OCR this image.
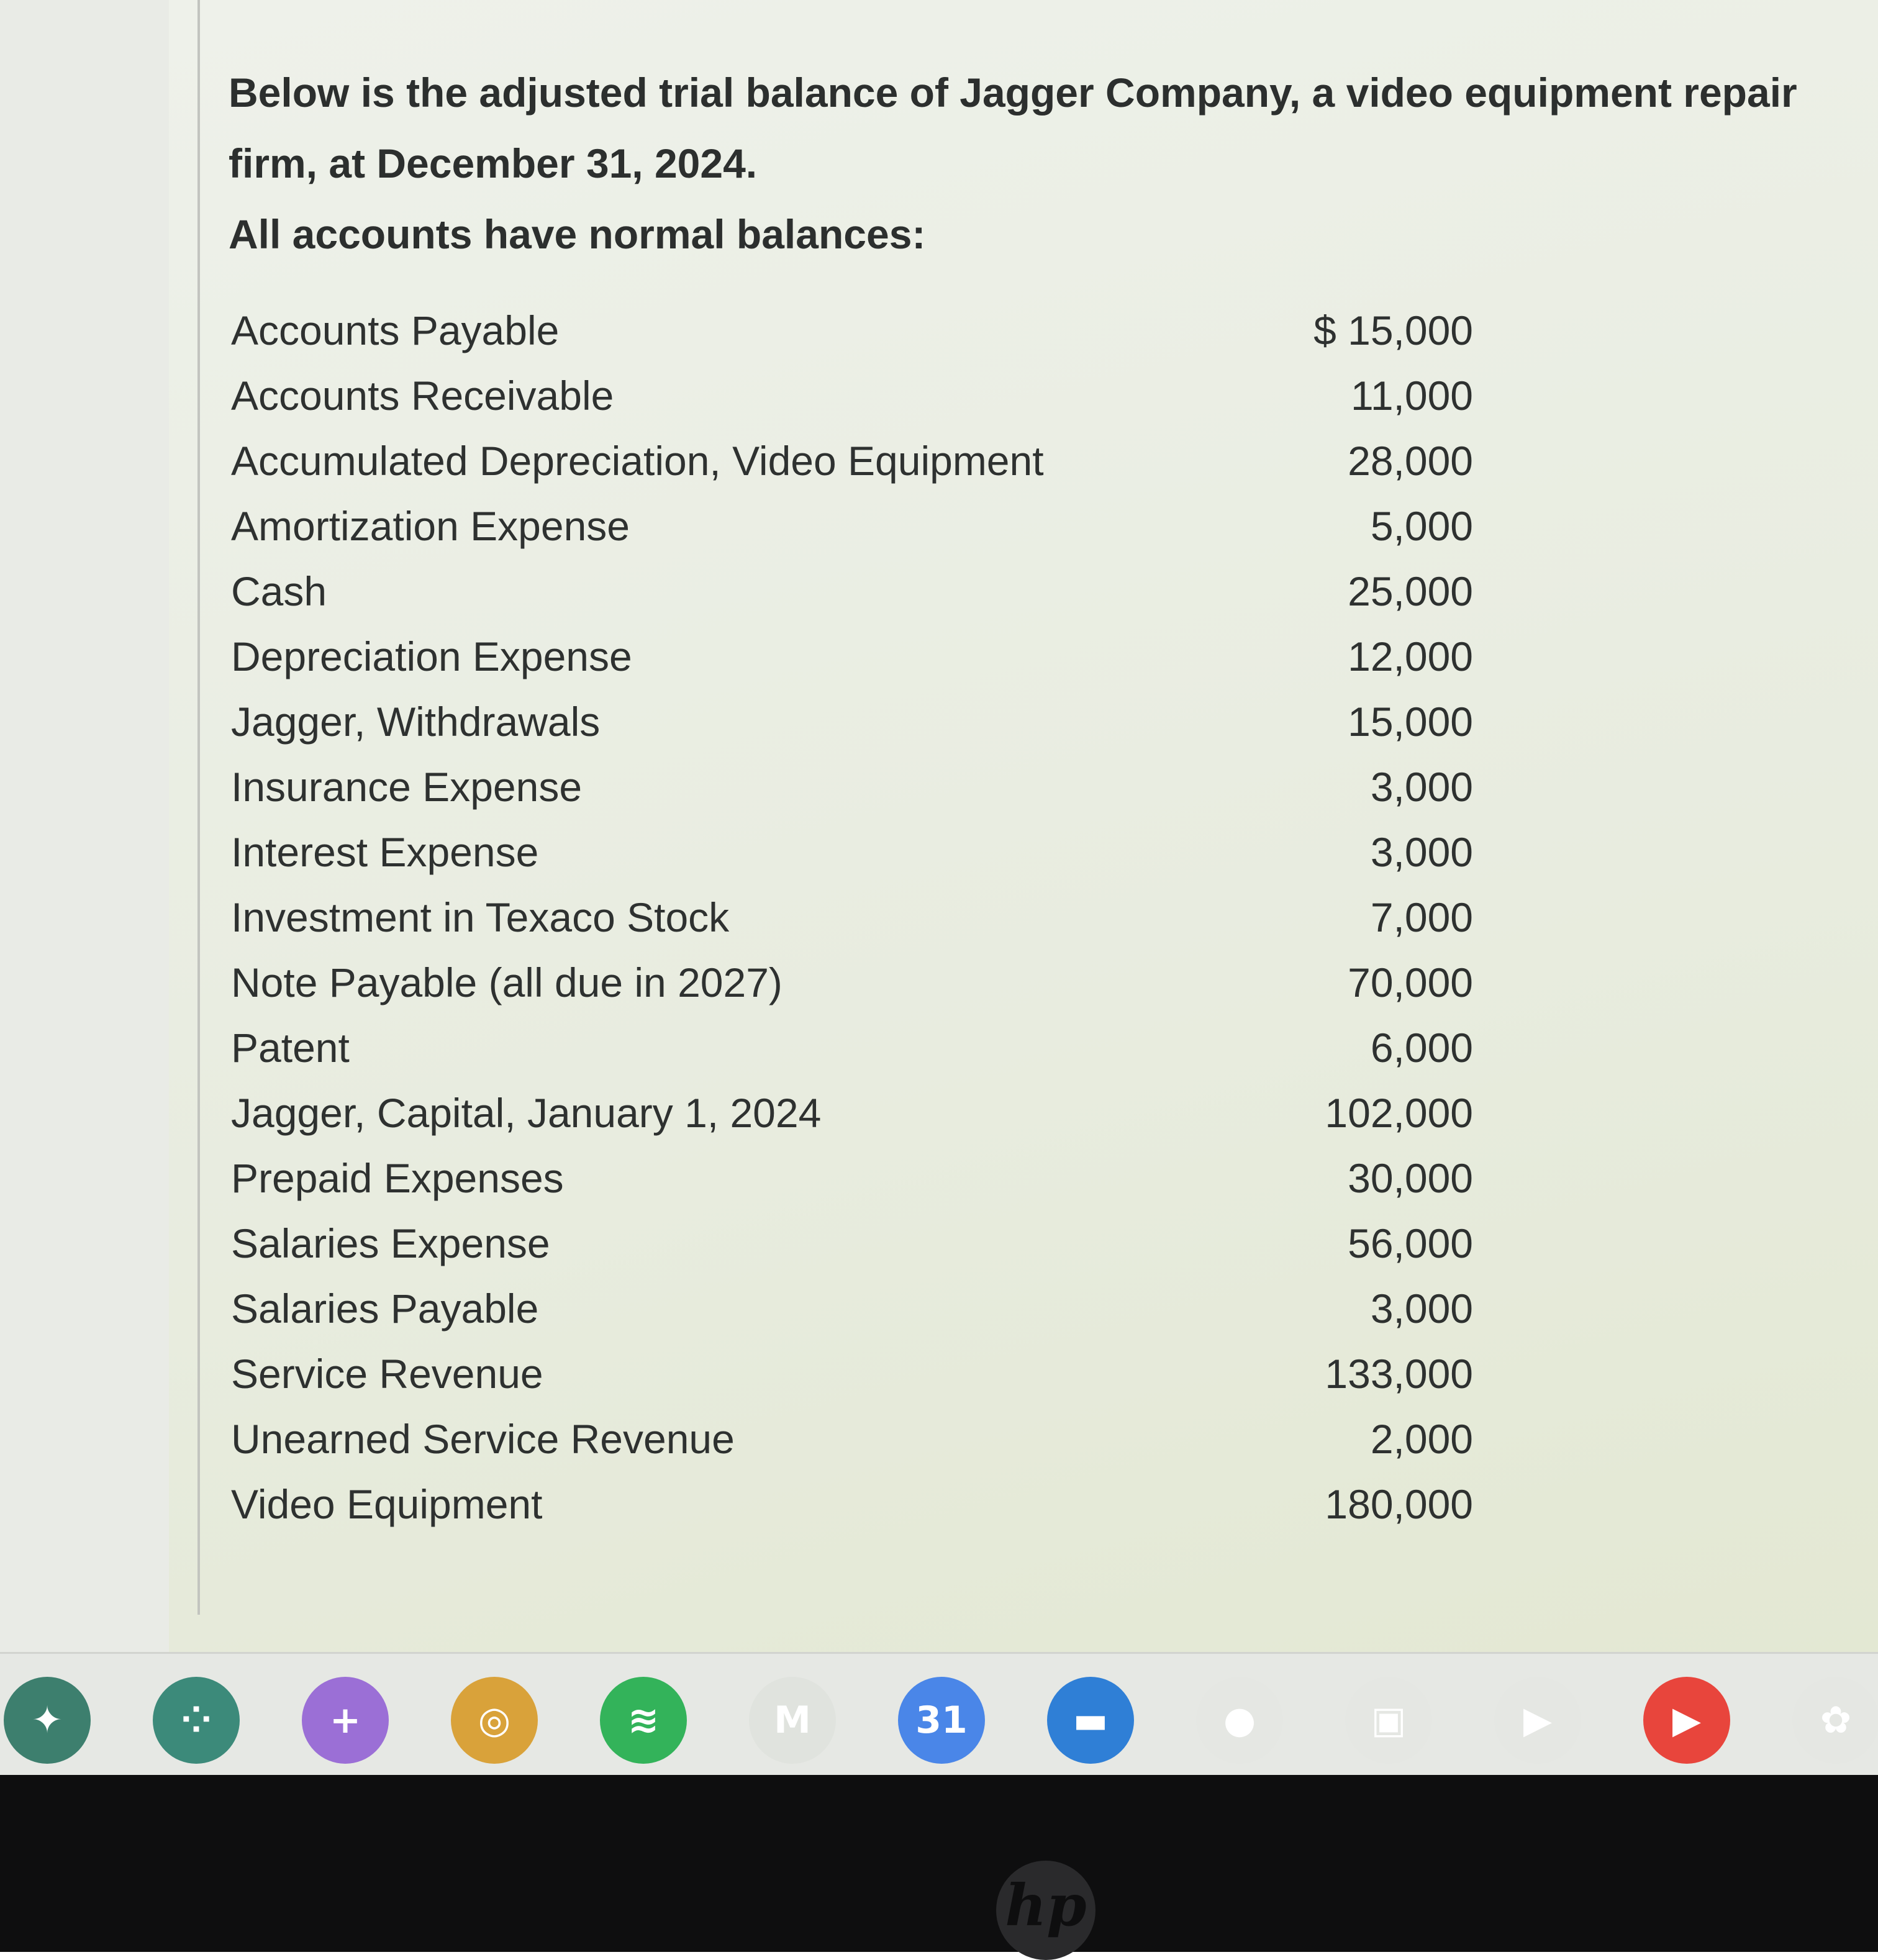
Below is the adjusted trial balance of Jagger Company, a video equipment repair
firm, at December 31, 2024.
All accounts have normal balances:
Accounts Payable	$ 15,000
Accounts Receivable	11,000
Accumulated Depreciation, Video Equipment	28,000
Amortization Expense	5,000
Cash	25,000
Depreciation Expense	12,000
Jagger, Withdrawals	15,000
Insurance Expense	3,000
Interest Expense	3,000
Investment in Texaco Stock	7,000
Note Payable (all due in 2027)	70,000
Patent	6,000
Jagger, Capital, January 1, 2024	102,000
Prepaid Expenses	30,000
Salaries Expense	56,000
Salaries Payable	3,000
Service Revenue	133,000
Unearned Service Revenue	2,000
Video Equipment	180,000
✦	⁘	+	◎	≋	M	31	▬	●	▣	▶	▶	✿
hp
